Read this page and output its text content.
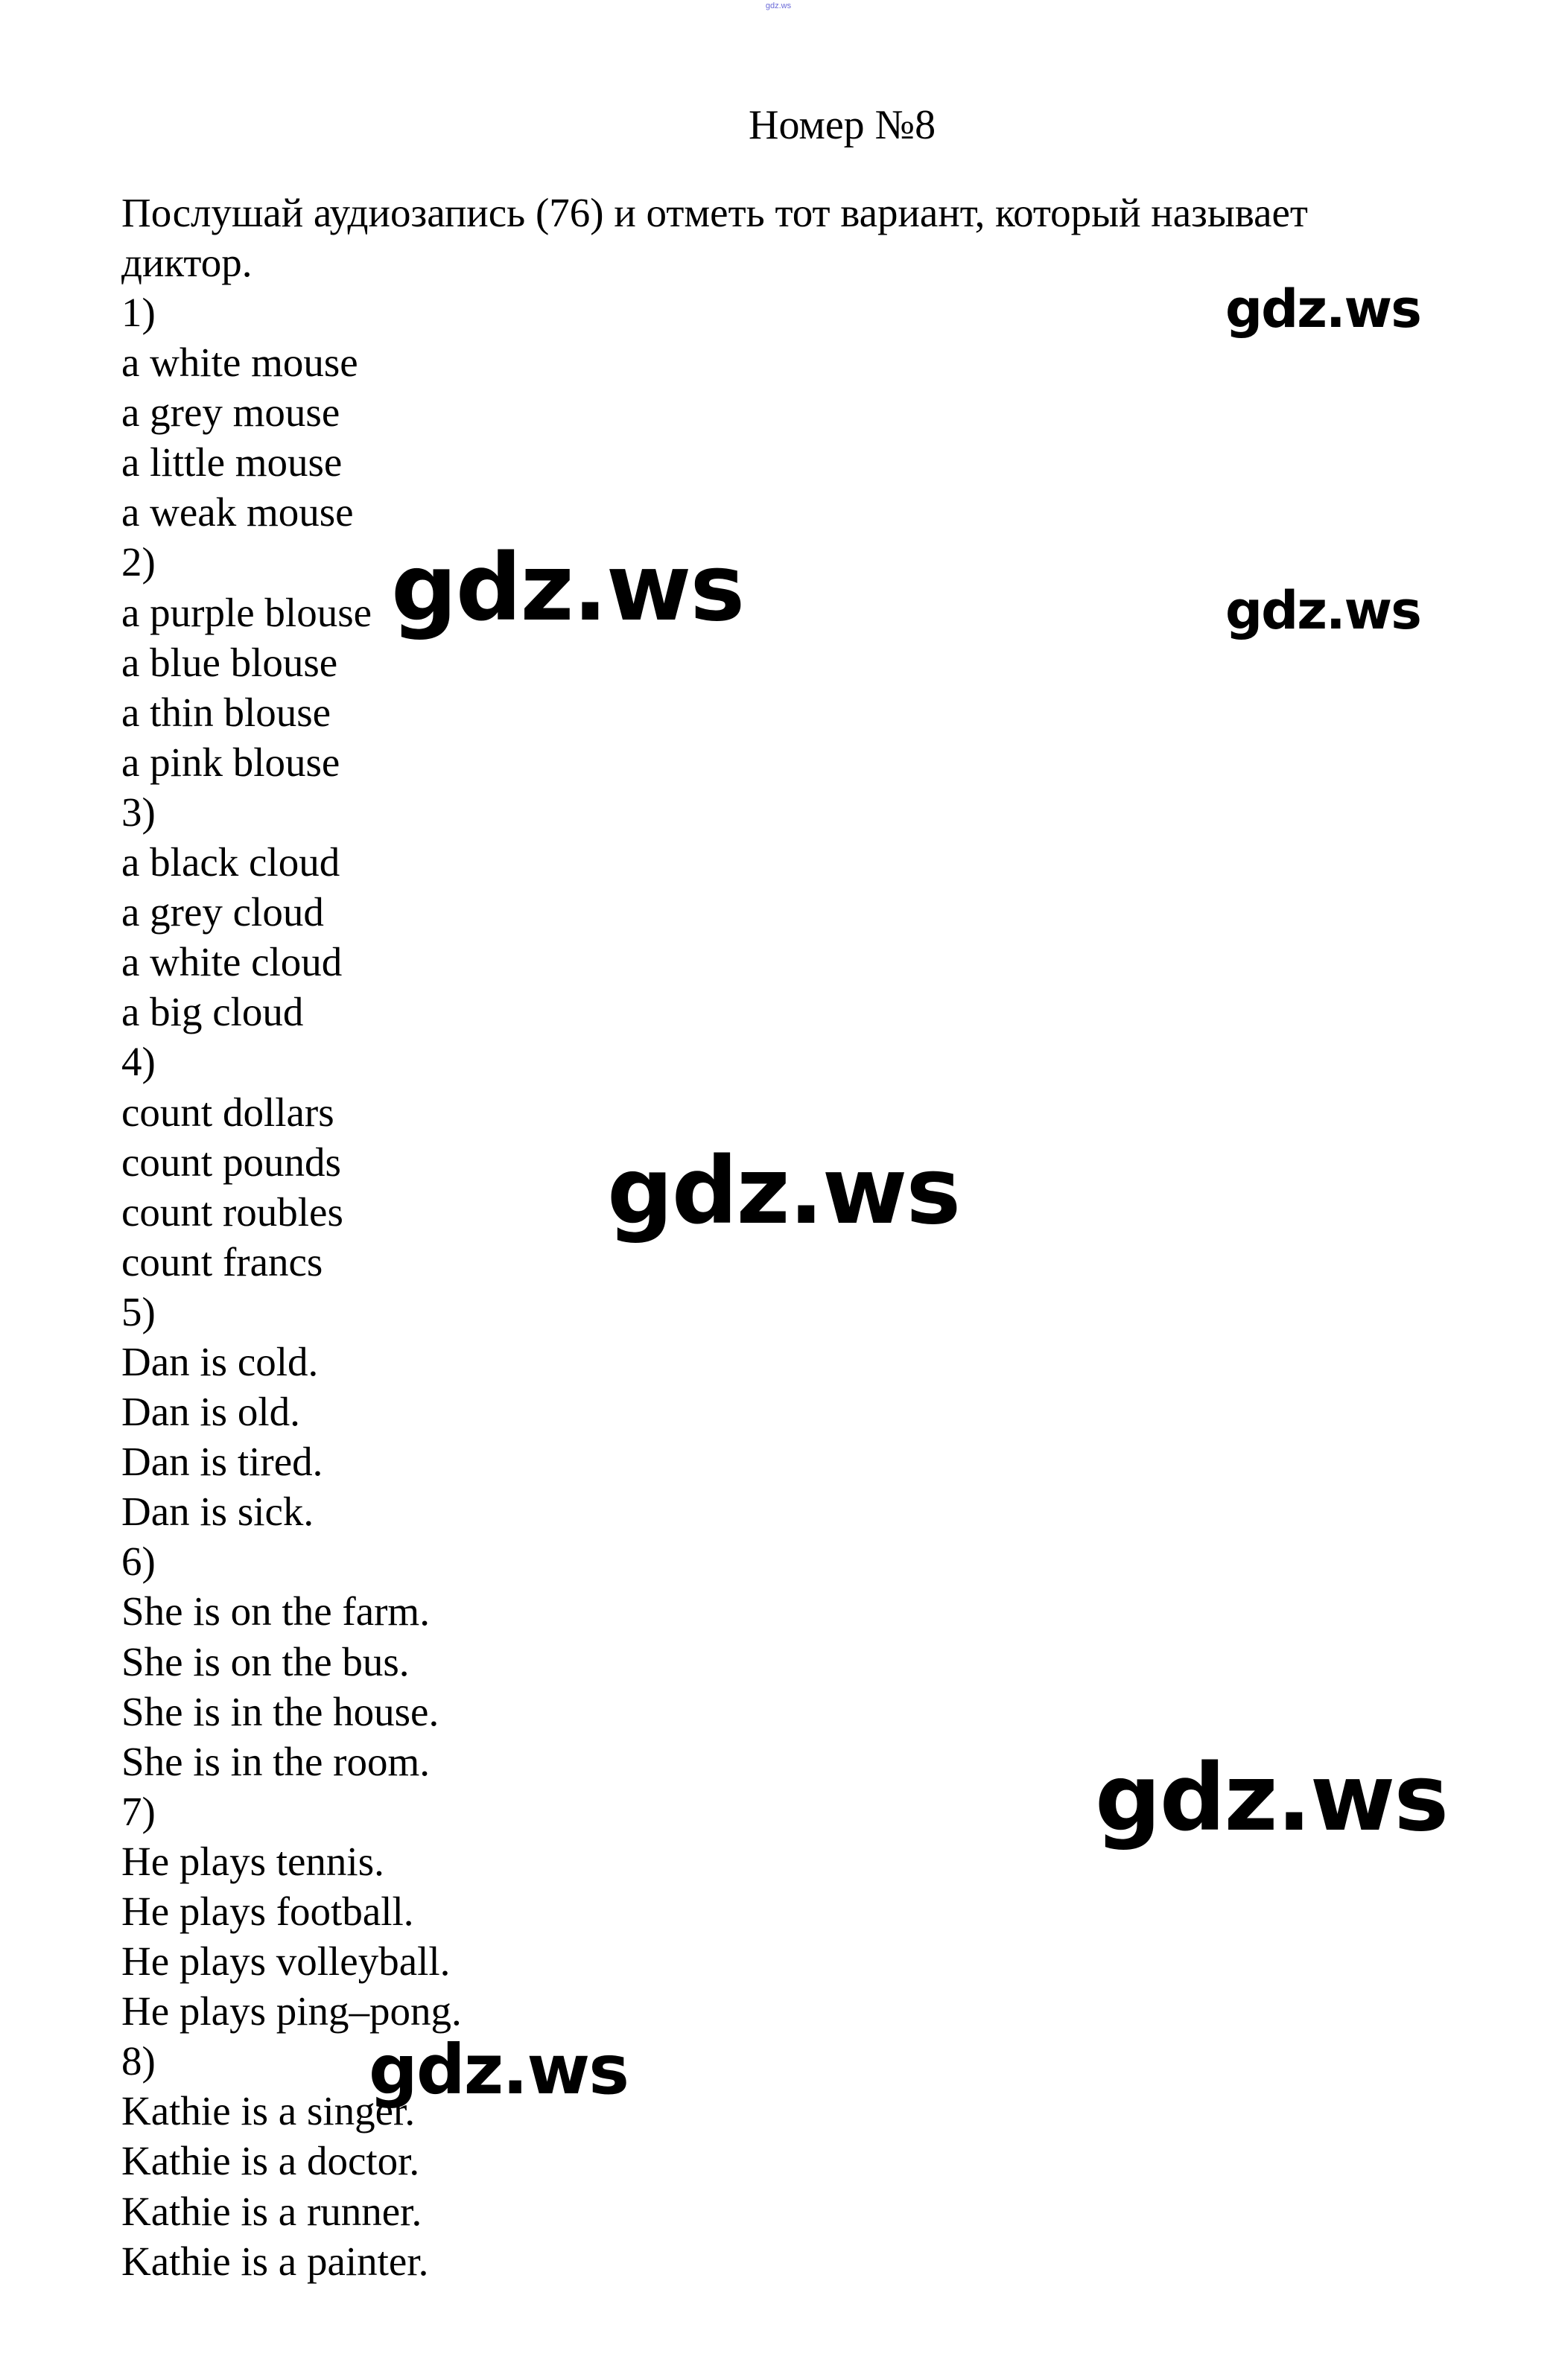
gdz.ws
Номер №8

Послушай аудиозапись (76) и отметь тот вариант, который называет диктор.

1)
a white mouse
a grey mouse
a little mouse
a weak mouse
2)
a purple blouse
a blue blouse
a thin blouse
a pink blouse
3)
a black cloud
a grey cloud
a white cloud
a big cloud
4)
count dollars
count pounds
count roubles
count francs
5)
Dan is cold.
Dan is old.
Dan is tired.
Dan is sick.
6)
She is on the farm.
She is on the bus.
She is in the house.
She is in the room.
7)
He plays tennis.
He plays football.
He plays volleyball.
He plays ping–pong.
8)
Kathie is a singer.
Kathie is a doctor.
Kathie is a runner.
Kathie is a painter.
gdz.ws
gdz.ws	gdz.ws
gdz.ws
gdz.ws
gdz.ws
